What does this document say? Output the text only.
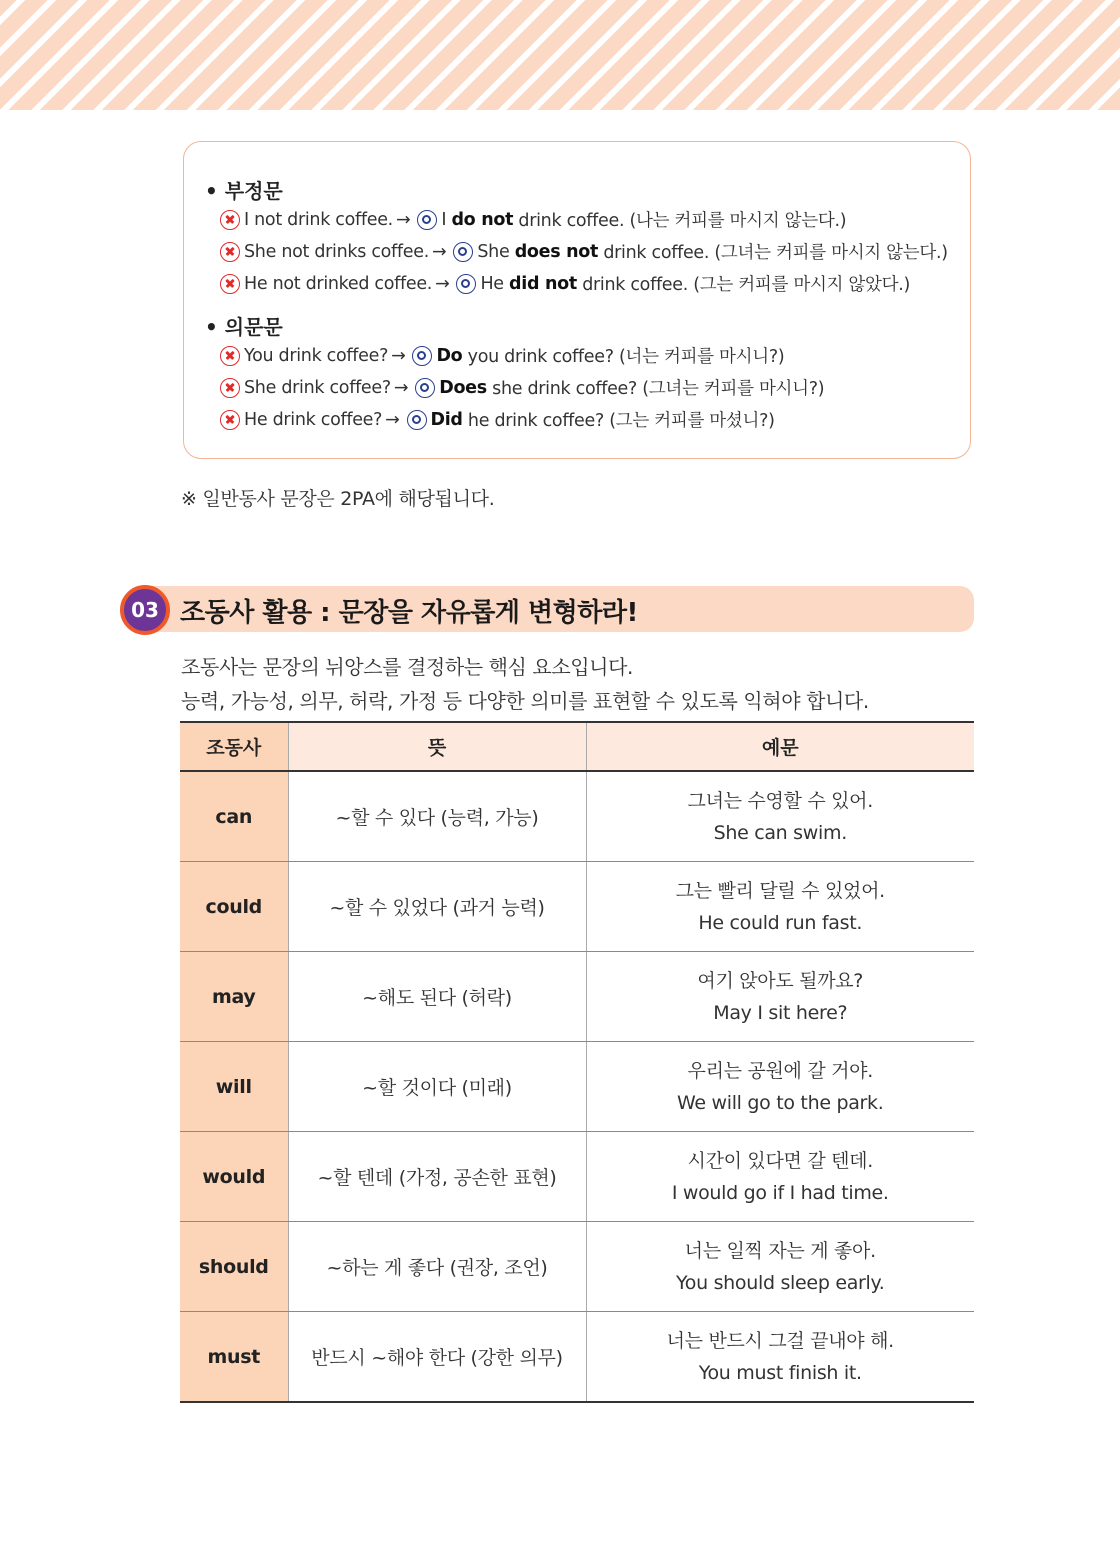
• 부정문
I not drink coffee. → I do not drink coffee. (나는 커피를 마시지 않는다.)
She not drinks coffee. → She does not drink coffee. (그녀는 커피를 마시지 않는다.)
He not drinked coffee. → He did not drink coffee. (그는 커피를 마시지 않았다.)
• 의문문
You drink coffee? → Do you drink coffee? (너는 커피를 마시니?)
She drink coffee? → Does she drink coffee? (그녀는 커피를 마시니?)
He drink coffee? → Did he drink coffee? (그는 커피를 마셨니?)
※ 일반동사 문장은 2PA에 해당됩니다.
03 조동사 활용 : 문장을 자유롭게 변형하라!
조동사는 문장의 뉘앙스를 결정하는 핵심 요소입니다.
능력, 가능성, 의무, 허락, 가정 등 다양한 의미를 표현할 수 있도록 익혀야 합니다.
조동사	뜻	예문
can	~할 수 있다 (능력, 가능)	그녀는 수영할 수 있어.
She can swim.

could	~할 수 있었다 (과거 능력)	그는 빨리 달릴 수 있었어.
He could run fast.

may	~해도 된다 (허락)	여기 앉아도 될까요?
May I sit here?

will	~할 것이다 (미래)	우리는 공원에 갈 거야.
We will go to the park.

would	~할 텐데 (가정, 공손한 표현)	시간이 있다면 갈 텐데.
I would go if I had time.

should	~하는 게 좋다 (권장, 조언)	너는 일찍 자는 게 좋아.
You should sleep early.

must	반드시 ~해야 한다 (강한 의무)	너는 반드시 그걸 끝내야 해.
You must finish it.
